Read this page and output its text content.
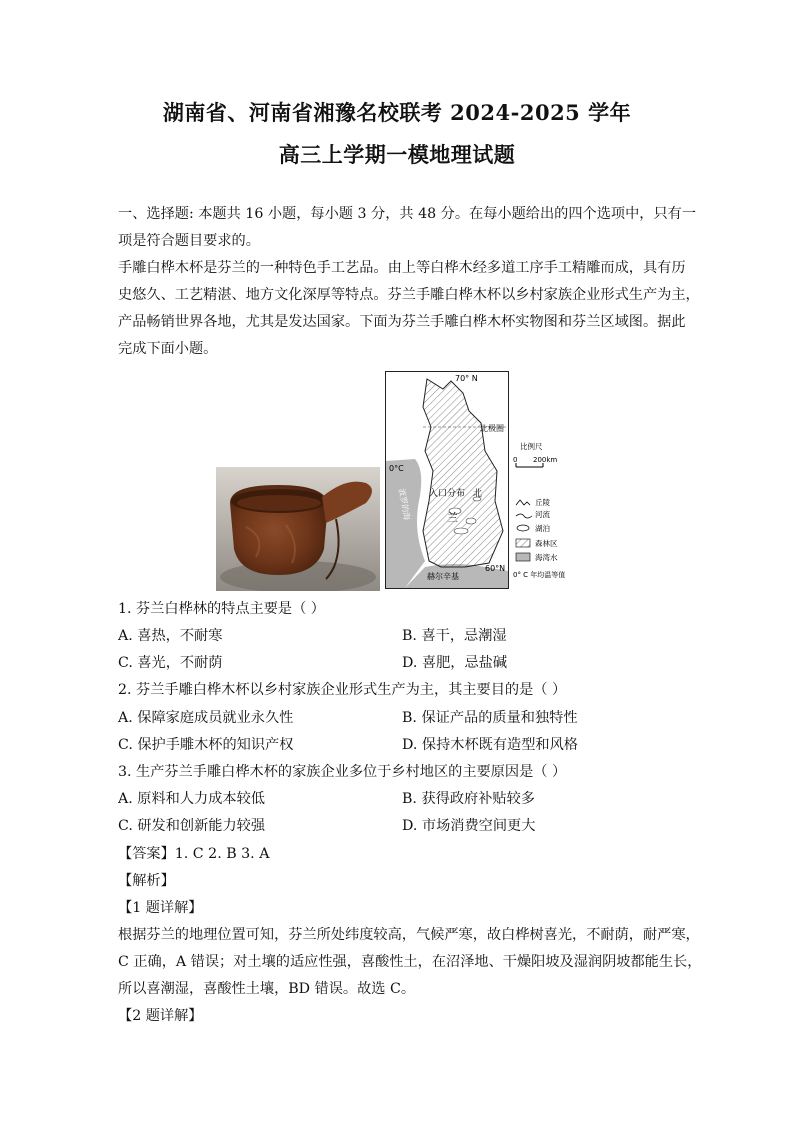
湖南省、河南省湘豫名校联考 2024-2025 学年
高三上学期一模地理试题
一、选择题: 本题共 16 小题，每小题 3 分，共 48 分。在每小题给出的四个选项中，只有一
项是符合题目要求的。
手雕白桦木杯是芬兰的一种特色手工艺品。由上等白桦木经多道工序手工精雕而成，具有历
史悠久、工艺精湛、地方文化深厚等特点。芬兰手雕白桦木杯以乡村家族企业形式生产为主，
产品畅销世界各地，尤其是发达国家。下面为芬兰手雕白桦木杯实物图和芬兰区域图。据此
完成下面小题。
70° N
北极圈
0°C
波罗的海 入口分布 北
兰
赫尔辛基
60°N
比例尺
0 200km
丘陵
河流
湖泊
森林区
海湾水
0° C 年均温等值
1. 芬兰白桦林的特点主要是（ ）
A. 喜热，不耐寒	B. 喜干，忌潮湿
C. 喜光，不耐荫	D. 喜肥，忌盐碱
2. 芬兰手雕白桦木杯以乡村家族企业形式生产为主，其主要目的是（ ）
A. 保障家庭成员就业永久性	B. 保证产品的质量和独特性
C. 保护手雕木杯的知识产权	D. 保持木杯既有造型和风格
3. 生产芬兰手雕白桦木杯的家族企业多位于乡村地区的主要原因是（ ）
A. 原料和人力成本较低	B. 获得政府补贴较多
C. 研发和创新能力较强	D. 市场消费空间更大
【答案】1. C 2. B 3. A
【解析】
【1 题详解】
根据芬兰的地理位置可知，芬兰所处纬度较高，气候严寒，故白桦树喜光，不耐荫，耐严寒，
C 正确，A 错误；对土壤的适应性强，喜酸性土，在沼泽地、干燥阳坡及湿润阴坡都能生长，
所以喜潮湿，喜酸性土壤，BD 错误。故选 C。
【2 题详解】
